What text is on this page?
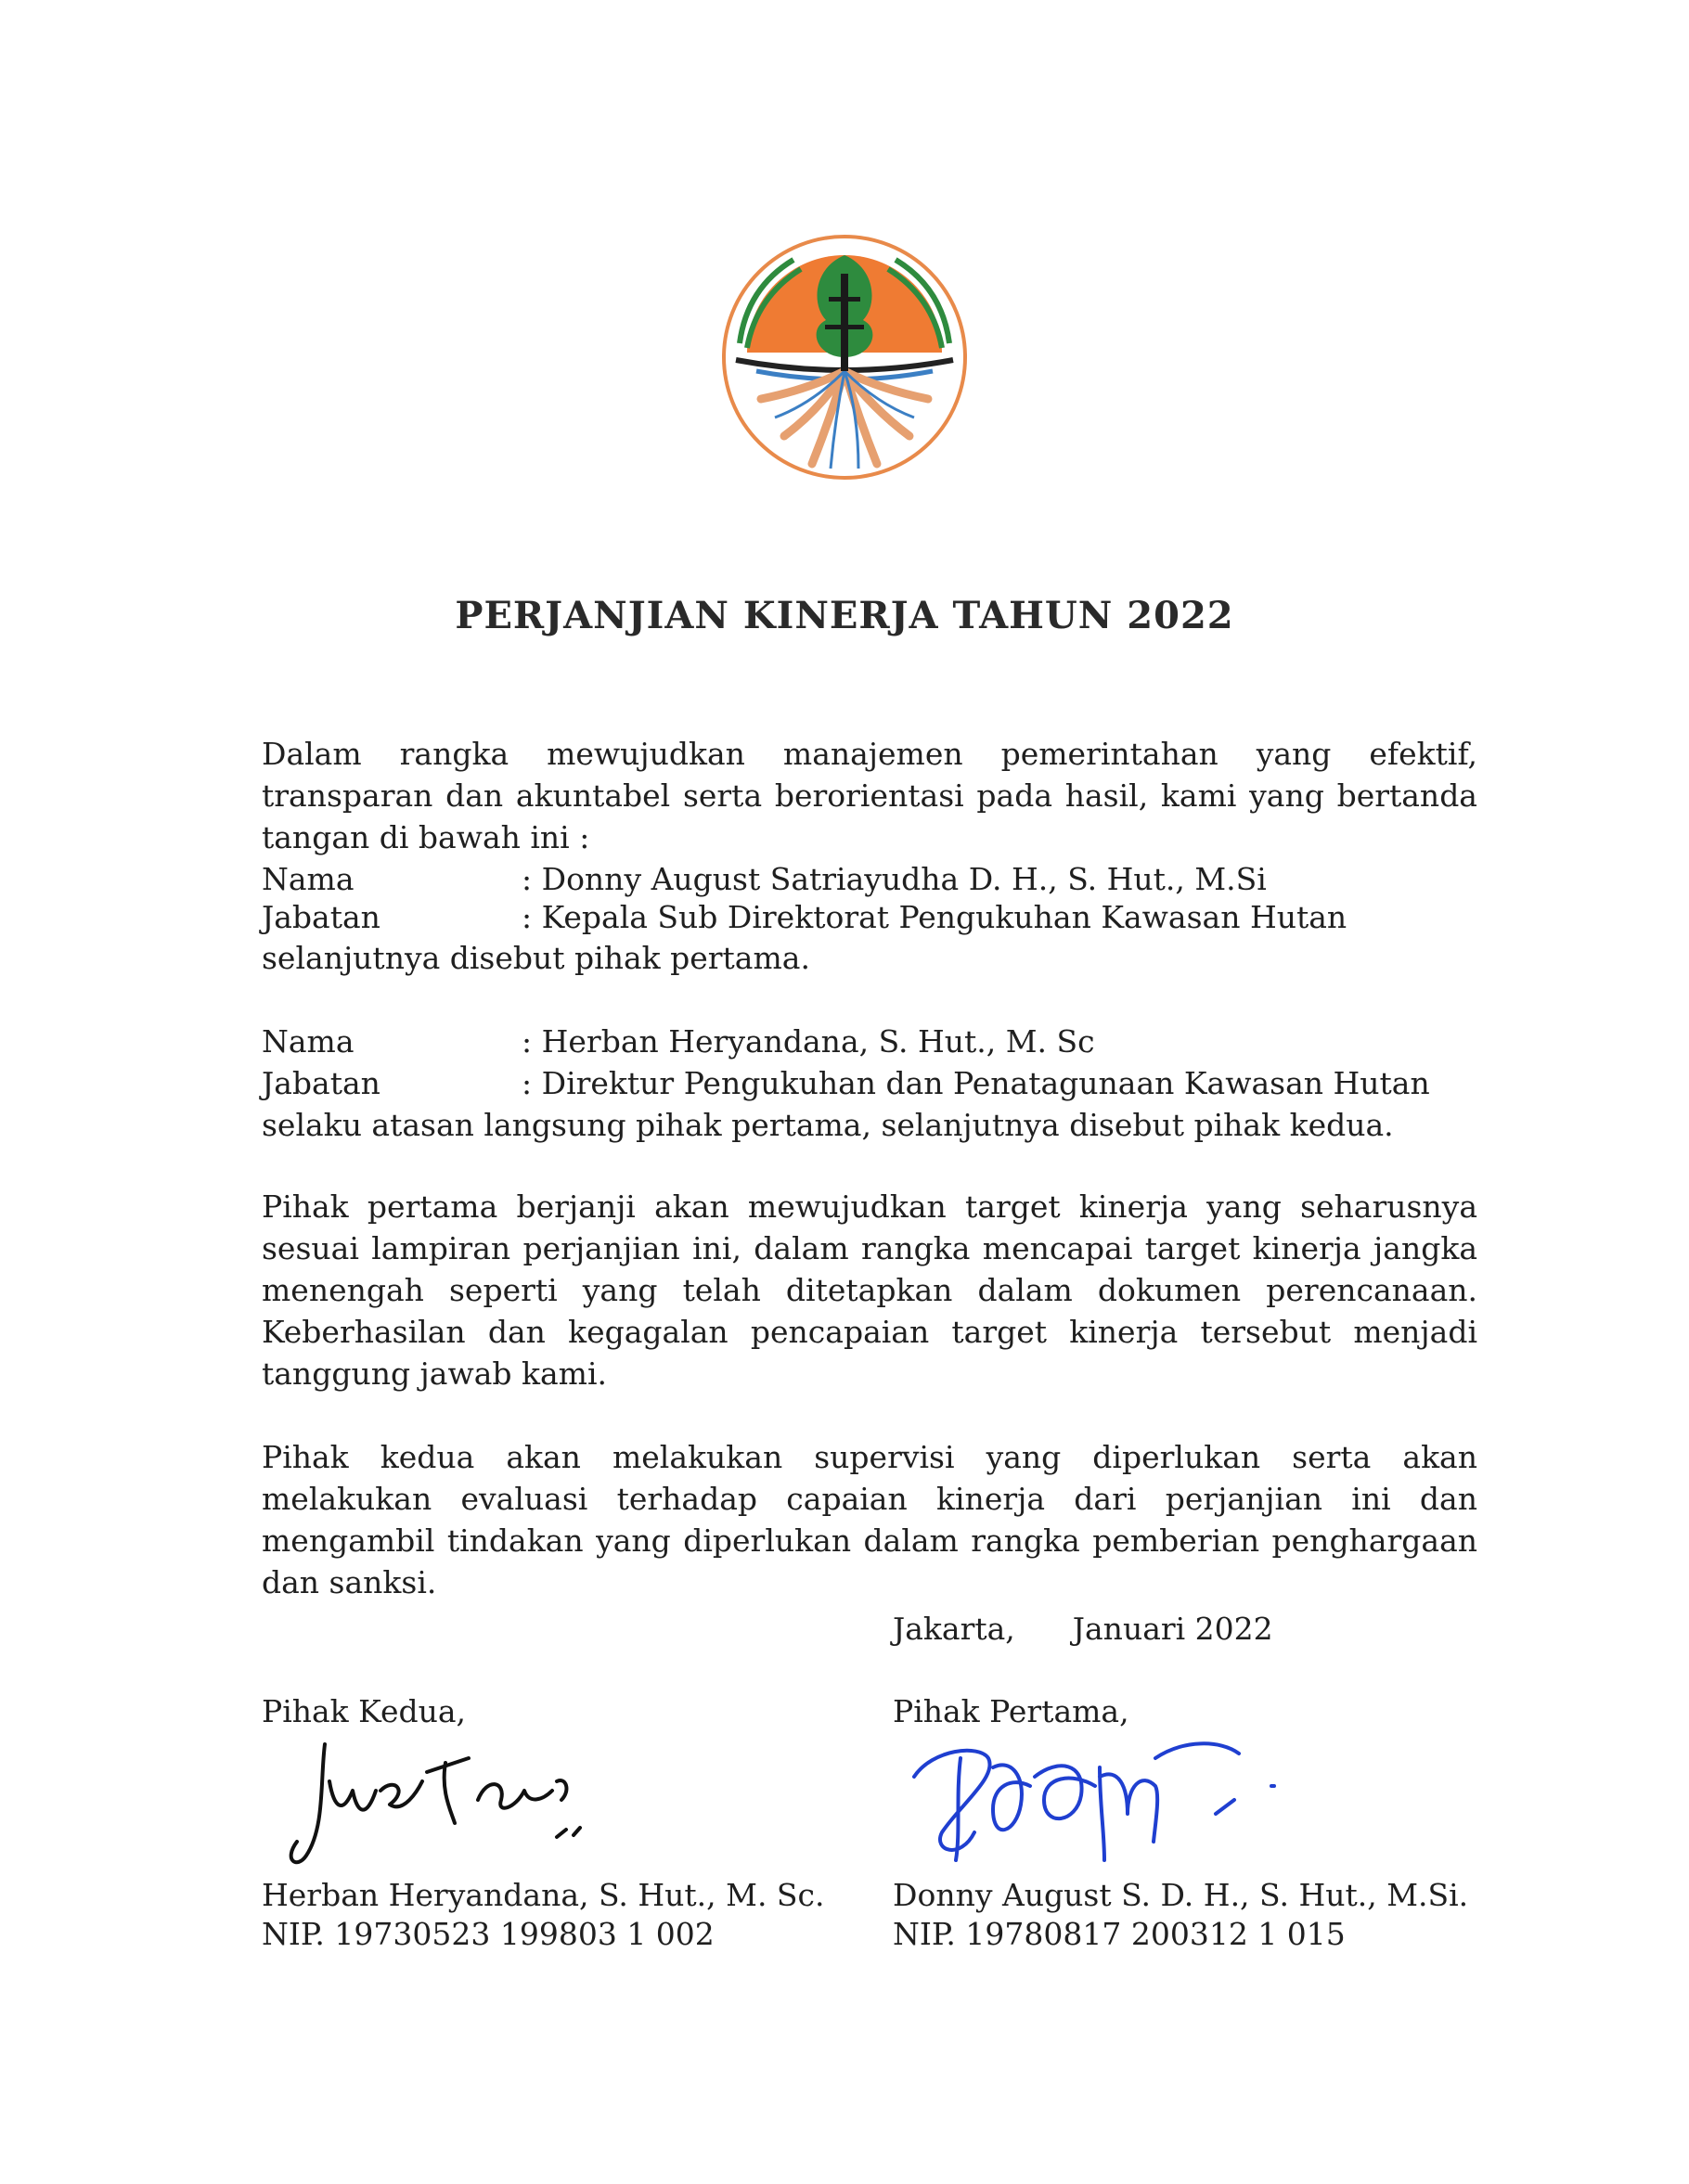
PERJANJIAN KINERJA TAHUN 2022
Dalam rangka mewujudkan manajemen pemerintahan yang efektif, transparan dan akuntabel serta berorientasi pada hasil, kami yang bertanda tangan di bawah ini :
Nama	: Donny August Satriayudha D. H., S. Hut., M.Si
Jabatan	: Kepala Sub Direktorat Pengukuhan Kawasan Hutan
selanjutnya disebut pihak pertama.
Nama	: Herban Heryandana, S. Hut., M. Sc
Jabatan	: Direktur Pengukuhan dan Penatagunaan Kawasan Hutan
selaku atasan langsung pihak pertama, selanjutnya disebut pihak kedua.
Pihak pertama berjanji akan mewujudkan target kinerja yang seharusnya sesuai lampiran perjanjian ini, dalam rangka mencapai target kinerja jangka menengah seperti yang telah ditetapkan dalam dokumen perencanaan. Keberhasilan dan kegagalan pencapaian target kinerja tersebut menjadi tanggung jawab kami.
Pihak kedua akan melakukan supervisi yang diperlukan serta akan melakukan evaluasi terhadap capaian kinerja dari perjanjian ini dan mengambil tindakan yang diperlukan dalam rangka pemberian penghargaan dan sanksi.
Jakarta, Januari 2022
Pihak Kedua,	Pihak Pertama,
Herban Heryandana, S. Hut., M. Sc.
NIP. 19730523 199803 1 002
Donny August S. D. H., S. Hut., M.Si.
NIP. 19780817 200312 1 015
